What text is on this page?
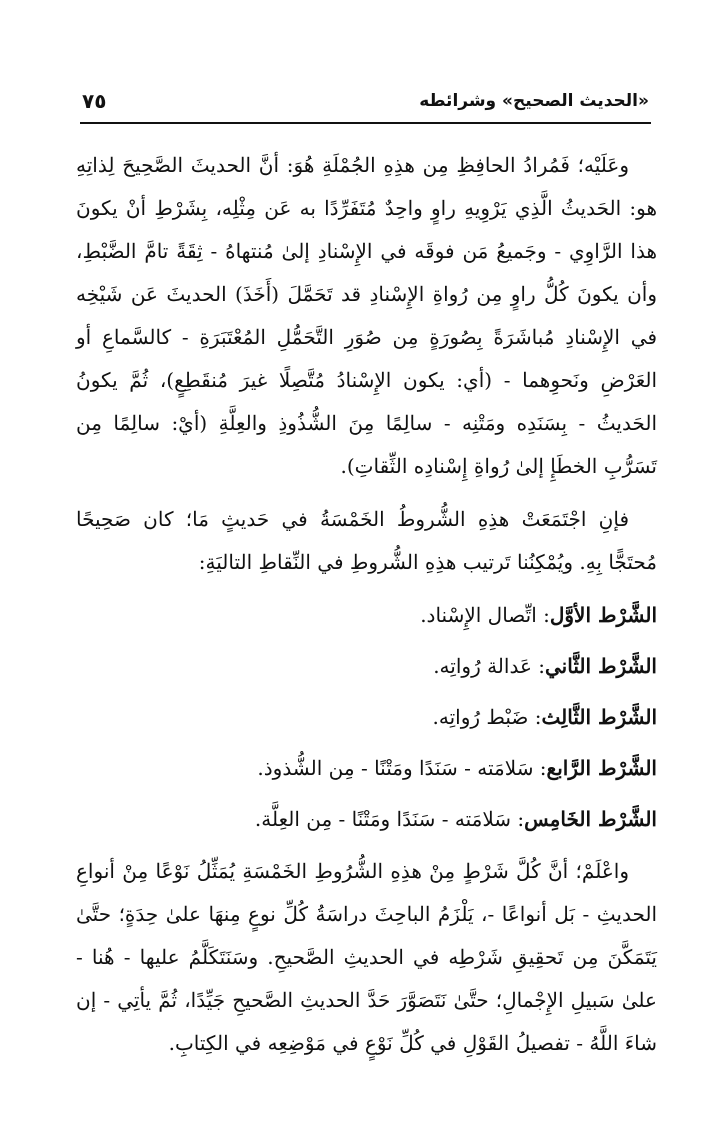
«الحديث الصحيح» وشرائطه
٧٥

وعَلَيْه؛ فَمُرادُ الحافِظِ مِن هذِهِ الجُمْلَةِ هُوَ: أنَّ الحديثَ الصَّحِيحَ لِذاتِهِ هو: الحَديثُ الَّذِي يَرْوِيهِ راوٍ واحِدٌ مُتَفَرِّدًا به عَن مِثْلِه، بِشَرْطِ أنْ يكونَ هذا الرَّاوِي - وجَميعُ مَن فوقَه في الإِسْنادِ إلىٰ مُنتهاهُ - ثِقَةً تامَّ الضَّبْطِ، وأن يكونَ كُلُّ راوٍ مِن رُواةِ الإِسْنادِ قد تَحَمَّلَ (أَخَذَ) الحديثَ عَن شَيْخِه في الإِسْنادِ مُباشَرَةً بِصُورَةٍ مِن صُوَرِ التَّحَمُّلِ المُعْتَبَرَةِ - كالسَّماعِ أو العَرْضِ ونَحوِهما - (أي: يكون الإِسْنادُ مُتَّصِلًا غيرَ مُنقَطِعٍ)، ثُمَّ يكونُ الحَديثُ - بِسَنَدِه ومَتْنِه - سالِمًا مِنَ الشُّذُوذِ والعِلَّةِ (أيْ: سالِمًا مِن تَسَرُّبِ الخطَإِ إلىٰ رُواةِ إِسْنادِه الثِّقاتِ).

فإنِ اجْتَمَعَتْ هذِهِ الشُّروطُ الخَمْسَةُ في حَديثٍ مَا؛ كان صَحِيحًا مُحتَجًّا بِهِ. ويُمْكِنُنا تَرتيب هذِهِ الشُّروطِ في النِّقاطِ التاليَةِ:

الشَّرْط الأوَّل: اتِّصال الإِسْناد.
الشَّرْط الثَّاني: عَدالة رُواتِه.
الشَّرْط الثَّالِث: ضَبْط رُواتِه.
الشَّرْط الرَّابع: سَلامَته - سَنَدًا ومَتْنًا - مِن الشُّذوذ.
الشَّرْط الخَامِس: سَلامَته - سَنَدًا ومَتْنًا - مِن العِلَّة.

واعْلَمْ؛ أنَّ كُلَّ شَرْطٍ مِنْ هذِهِ الشُّرُوطِ الخَمْسَةِ يُمَثِّلُ نَوْعًا مِنْ أنواعِ الحديثِ - بَل أنواعًا -، يَلْزَمُ الباحِثَ دراسَةُ كُلِّ نوعٍ مِنهَا علىٰ حِدَةٍ؛ حتَّىٰ يَتَمَكَّنَ مِن تَحقِيقِ شَرْطِه في الحديثِ الصَّحيحِ. وسَنَتَكَلَّمُ عليها - هُنا - علىٰ سَبيلِ الإِجْمالِ؛ حتَّىٰ نَتَصَوَّرَ حَدَّ الحديثِ الصَّحيحِ جَيِّدًا، ثُمَّ يأتِي - إن شاءَ اللَّهُ - تفصيلُ القَوْلِ في كُلِّ نَوْعٍ في مَوْضِعِه في الكِتابِ.
